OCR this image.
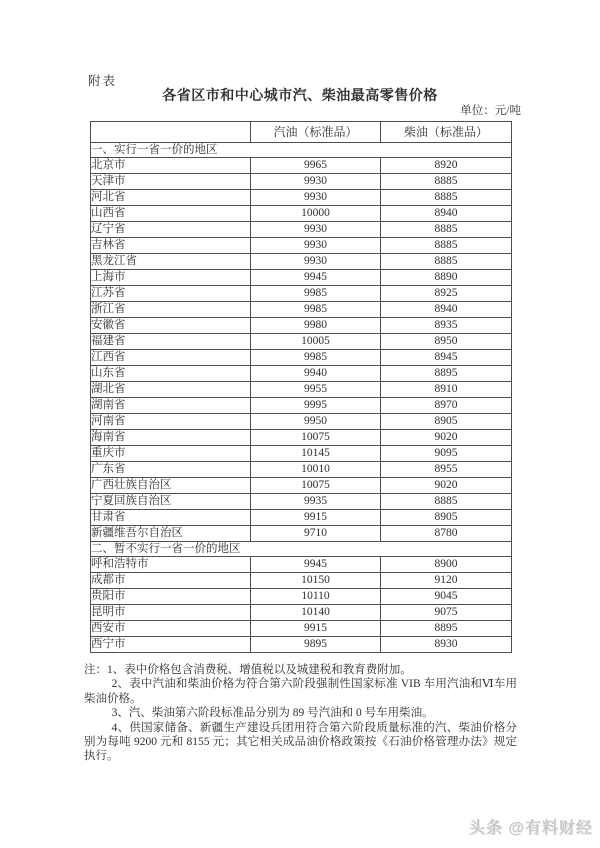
附表
各省区市和中心城市汽、柴油最高零售价格
单位：元/吨
	汽油（标准品）	柴油（标准品）
一、实行一省一价的地区		
北京市	9965	8920
天津市	9930	8885
河北省	9930	8885
山西省	10000	8940
辽宁省	9930	8885
吉林省	9930	8885
黑龙江省	9930	8885
上海市	9945	8890
江苏省	9985	8925
浙江省	9985	8940
安徽省	9980	8935
福建省	10005	8950
江西省	9985	8945
山东省	9940	8895
湖北省	9955	8910
湖南省	9995	8970
河南省	9950	8905
海南省	10075	9020
重庆市	10145	9095
广东省	10010	8955
广西壮族自治区	10075	9020
宁夏回族自治区	9935	8885
甘肃省	9915	8905
新疆维吾尔自治区	9710	8780
二、暂不实行一省一价的地区		
呼和浩特市	9945	8900
成都市	10150	9120
贵阳市	10110	9045
昆明市	10140	9075
西安市	9915	8895
西宁市	9895	8930

注：1、表中价格包含消费税、增值税以及城建税和教育费附加。

2、表中汽油和柴油价格为符合第六阶段强制性国家标准 VIB 车用汽油和Ⅵ车用柴油价格。

3、汽、柴油第六阶段标准品分别为 89 号汽油和 0 号车用柴油。

4、供国家储备、新疆生产建设兵团用符合第六阶段质量标准的汽、柴油价格分别为每吨 9200 元和 8155 元；其它相关成品油价格政策按《石油价格管理办法》规定执行。

头条 @有料财经
